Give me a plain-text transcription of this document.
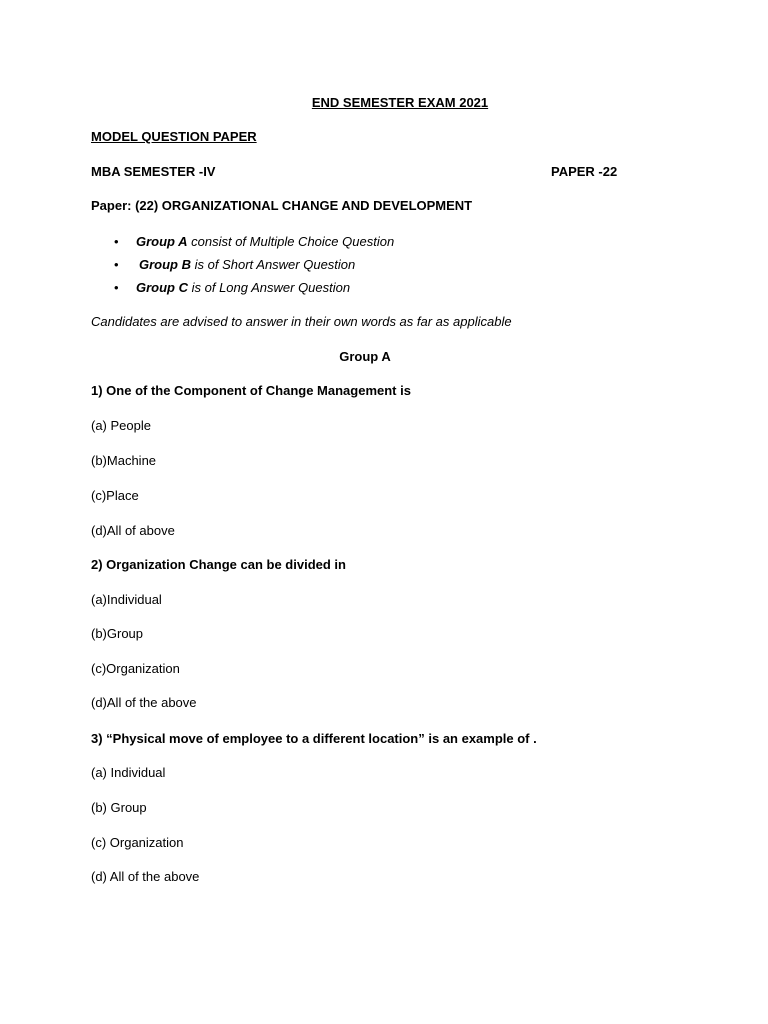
END SEMESTER EXAM 2021
MODEL QUESTION PAPER
MBA SEMESTER -IV	PAPER -22
Paper: (22) ORGANIZATIONAL CHANGE AND DEVELOPMENT
• Group A consist of Multiple Choice Question
• Group B is of Short Answer Question
• Group C is of Long Answer Question
Candidates are advised to answer in their own words as far as applicable
Group A
1) One of the Component of Change Management is
(a) People
(b)Machine
(c)Place
(d)All of above
2) Organization Change can be divided in
(a)Individual
(b)Group
(c)Organization
(d)All of the above
3) “Physical move of employee to a different location” is an example of .
(a) Individual
(b) Group
(c) Organization
(d) All of the above
